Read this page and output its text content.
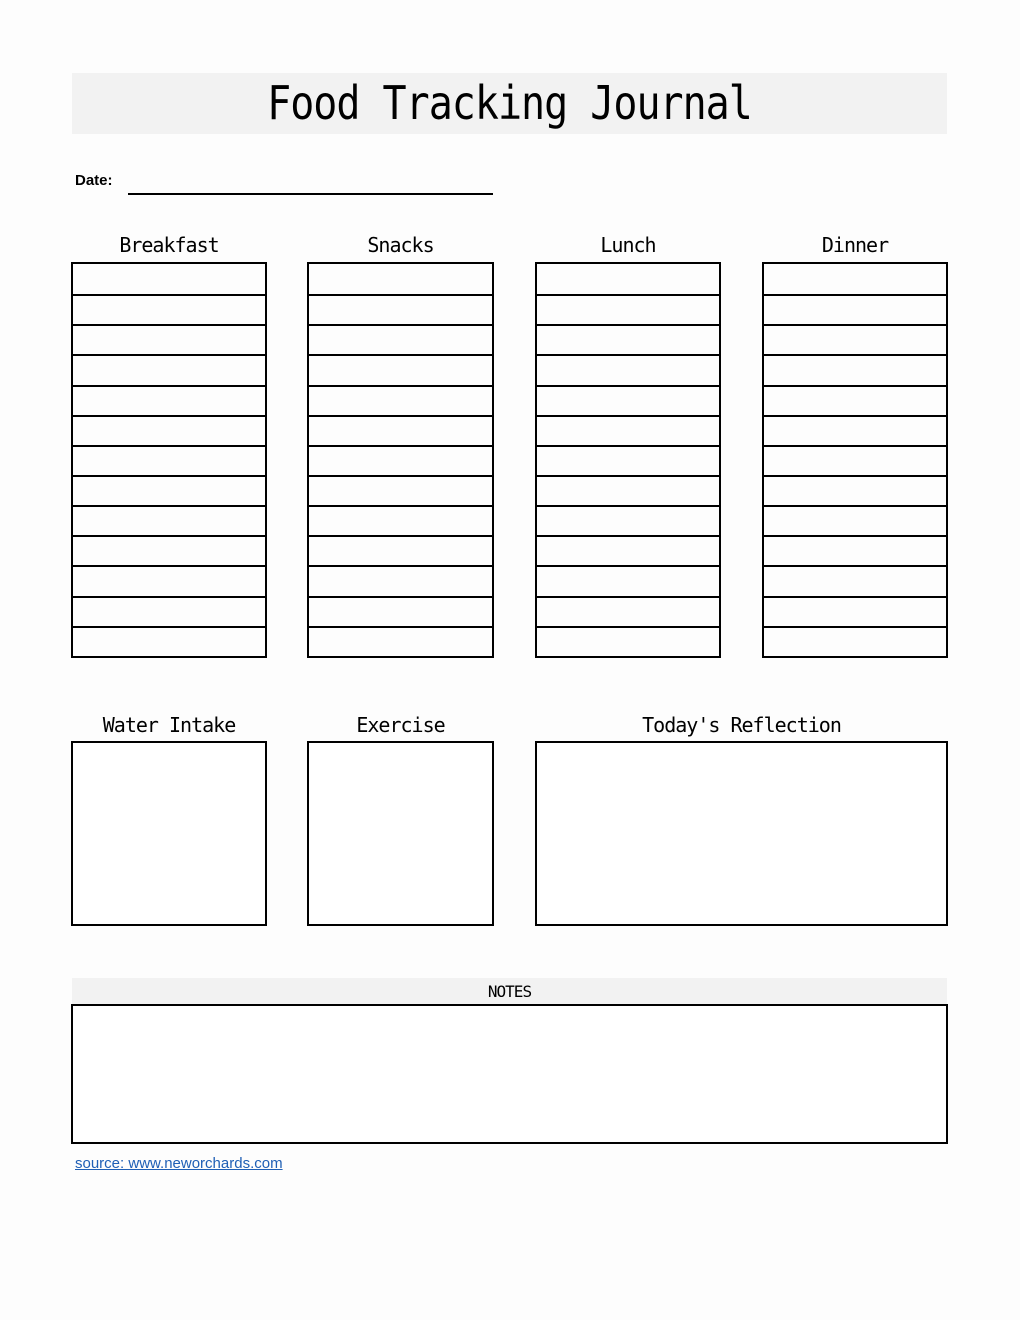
Food Tracking Journal
Date:
Breakfast	Snacks	Lunch	Dinner
Water Intake	Exercise	Today's Reflection
NOTES
source: www.neworchards.com
